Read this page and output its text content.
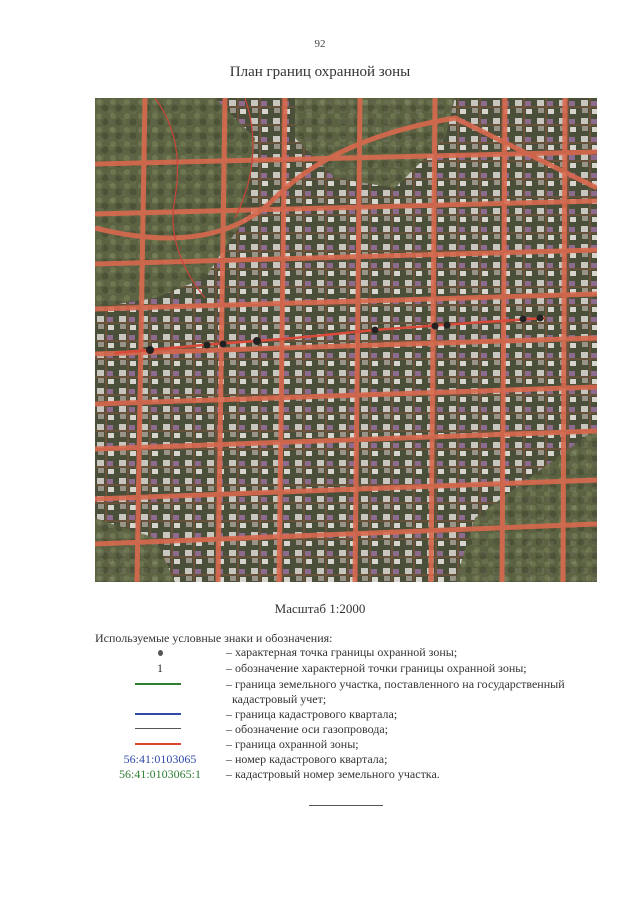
92
План границ охранной зоны
Масштаб 1:2000
Используемые условные знаки и обозначения:
– характерная точка границы охранной зоны;
1	– обозначение характерной точки границы охранной зоны;
– граница земельного участка, поставленного на государственный
кадастровый учет;
– граница кадастрового квартала;
– обозначение оси газопровода;
– граница охранной зоны;
56:41:0103065	– номер кадастрового квартала;
56:41:0103065:1	– кадастровый номер земельного участка.
